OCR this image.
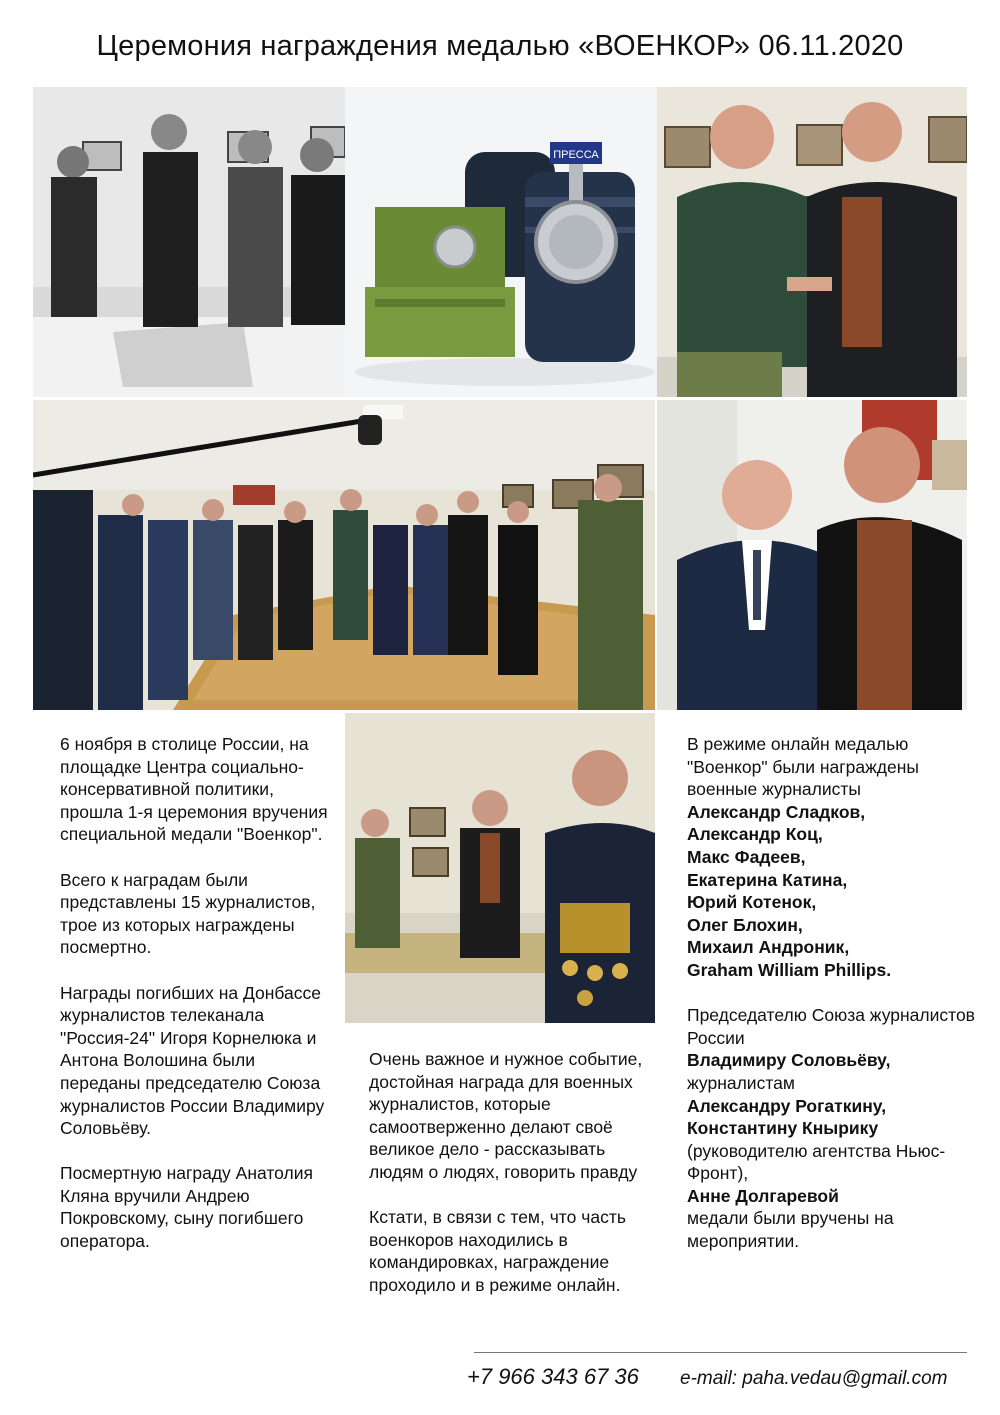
Церемония награждения медалью «ВОЕНКОР» 06.11.2020
ПРЕССА

6 ноября в столице России, на площадке Центра социально-консервативной политики, прошла 1-я церемония вручения специальной медали "Военкор".

Всего к наградам были представлены 15 журналистов, трое из которых награждены посмертно.

Награды погибших на Донбассе журналистов телеканала "Россия-24" Игоря Корнелюка и Антона Волошина были переданы председателю Союза журналистов России Владимиру Соловьёву.

Посмертную награду Анатолия Кляна вручили Андрею Покровскому, сыну погибшего оператора.

Очень важное и нужное событие, достойная награда для военных журналистов, которые самоотверженно делают своё великое дело - рассказывать людям о людях, говорить правду

Кстати, в связи с тем, что часть военкоров находились в командировках, награждение проходило и в режиме онлайн.

В режиме онлайн медалью "Военкор" были награждены военные журналисты
Александр Сладков,
Александр Коц,
Макс Фадеев,
Екатерина Катина,
Юрий Котенок,
Олег Блохин,
Михаил Андроник,
Graham William Phillips.

Председателю Союза журналистов России
Владимиру Соловьёву,
журналистам
Александру Рогаткину,
Константину Кнырику
(руководителю агентства Ньюс-Фронт),
Анне Долгаревой
медали были вручены на мероприятии.

+7 966 343 67 36 e-mail: paha.vedau@gmail.com
